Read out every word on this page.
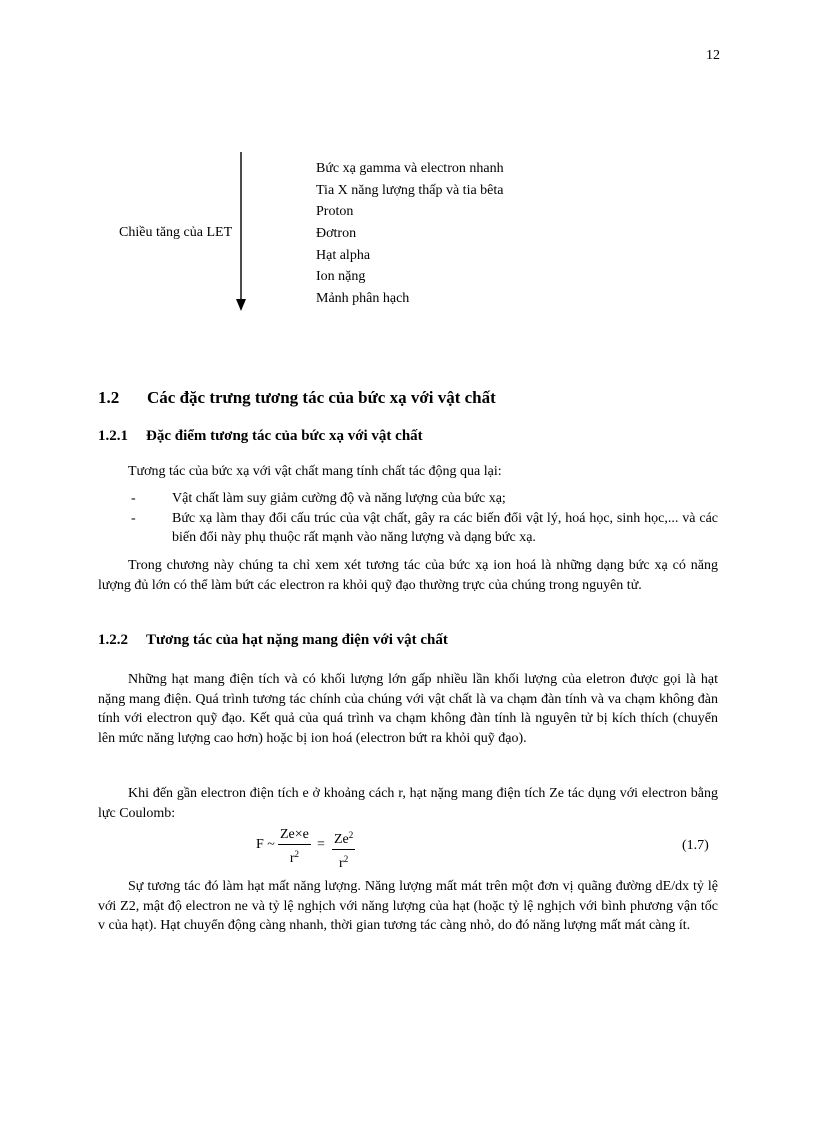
12
Chiều tăng của LET
Bức xạ gamma và electron nhanh
Tia X năng lượng thấp và tia bêta
Proton
Đơtron
Hạt alpha
Ion nặng
Mảnh phân hạch
1.2 Các đặc trưng tương tác của bức xạ với vật chất
1.2.1 Đặc điểm tương tác của bức xạ với vật chất
Tương tác của bức xạ với vật chất mang tính chất tác động qua lại:
-	Vật chất làm suy giảm cường độ và năng lượng của bức xạ;
-	Bức xạ làm thay đổi cấu trúc của vật chất, gây ra các biến đổi vật lý, hoá học, sinh học,... và các biến đổi này phụ thuộc rất mạnh vào năng lượng và dạng bức xạ.
Trong chương này chúng ta chỉ xem xét tương tác của bức xạ ion hoá là những dạng bức xạ có năng lượng đủ lớn có thể làm bứt các electron ra khỏi quỹ đạo thường trực của chúng trong nguyên tử.
1.2.2 Tương tác của hạt nặng mang điện với vật chất
Những hạt mang điện tích và có khối lượng lớn gấp nhiều lần khối lượng của eletron được gọi là hạt nặng mang điện. Quá trình tương tác chính của chúng với vật chất là va chạm đàn tính và va chạm không đàn tính với electron quỹ đạo. Kết quả của quá trình va chạm không đàn tính là nguyên tử bị kích thích (chuyển lên mức năng lượng cao hơn) hoặc bị ion hoá (electron bứt ra khỏi quỹ đạo).
Khi đến gần electron điện tích e ở khoảng cách r, hạt nặng mang điện tích Ze tác dụng với electron bằng lực Coulomb:
F ~ $\frac{Ze\times e}{r^2} = \frac{Ze^2}{r^2}$	(1.7)
Sự tương tác đó làm hạt mất năng lượng. Năng lượng mất mát trên một đơn vị quãng đường dE/dx tỷ lệ với Z2, mật độ electron ne và tỷ lệ nghịch với năng lượng của hạt (hoặc tỷ lệ nghịch với bình phương vận tốc v của hạt). Hạt chuyển động càng nhanh, thời gian tương tác càng nhỏ, do đó năng lượng mất mát càng ít.
